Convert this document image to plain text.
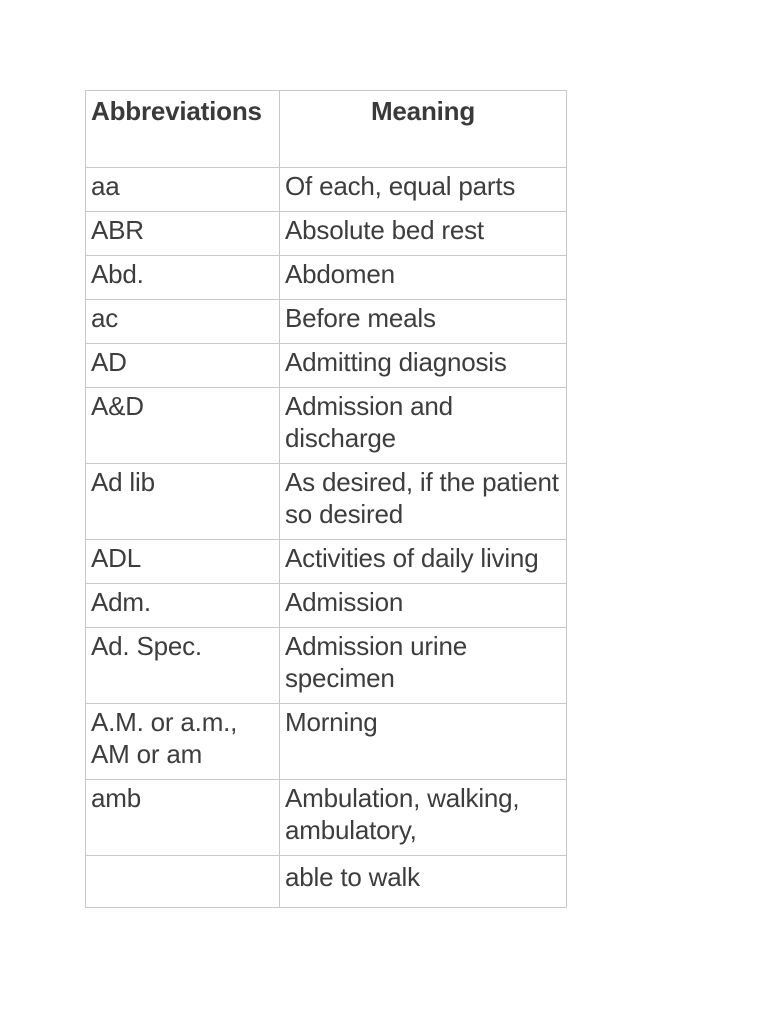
Abbreviations	Meaning
aa	Of each, equal parts
ABR	Absolute bed rest
Abd.	Abdomen
ac	Before meals
AD	Admitting diagnosis
A&D	Admission and discharge
Ad lib	As desired, if the patient so desired
ADL	Activities of daily living
Adm.	Admission
Ad. Spec.	Admission urine specimen
A.M. or a.m., AM or am	Morning
amb	Ambulation, walking, ambulatory,
	able to walk
